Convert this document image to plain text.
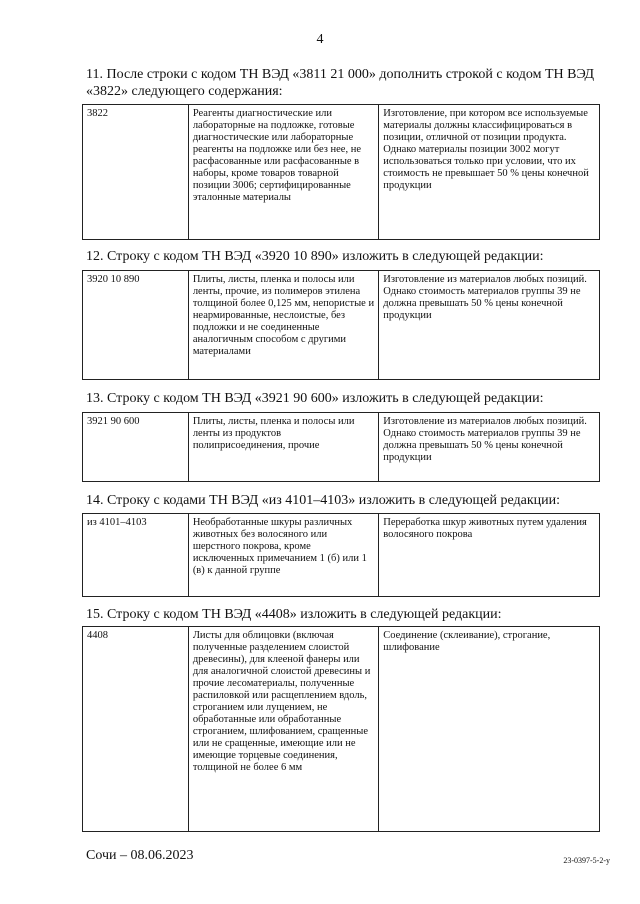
4
11. После строки с кодом ТН ВЭД «3811 21 000» дополнить строкой с кодом ТН ВЭД «3822» следующего содержания:
3822	Реагенты диагностические или лабораторные на подложке, готовые диагностические или лабораторные реагенты на подложке или без нее, не расфасованные или расфасованные в наборы, кроме товаров товарной позиции 3006; сертифицированные эталонные материалы	Изготовление, при котором все используемые материалы должны классифицироваться в позиции, отличной от позиции продукта. Однако материалы позиции 3002 могут использоваться только при условии, что их стоимость не превышает 50 % цены конечной продукции
12. Строку с кодом ТН ВЭД «3920 10 890» изложить в следующей редакции:
3920 10 890	Плиты, листы, пленка и полосы или ленты, прочие, из полимеров этилена толщиной более 0,125 мм, непористые и неармированные, неслоистые, без подложки и не соединенные аналогичным способом с другими материалами	Изготовление из материалов любых позиций. Однако стоимость материалов группы 39 не должна превышать 50 % цены конечной продукции
13. Строку с кодом ТН ВЭД «3921 90 600» изложить в следующей редакции:
3921 90 600	Плиты, листы, пленка и полосы или ленты из продуктов полиприсоединения, прочие	Изготовление из материалов любых позиций. Однако стоимость материалов группы 39 не должна превышать 50 % цены конечной продукции
14. Строку с кодами ТН ВЭД «из 4101–4103» изложить в следующей редакции:
из 4101–4103	Необработанные шкуры различных животных без волосяного или шерстного покрова, кроме исключенных примечанием 1 (б) или 1 (в) к данной группе	Переработка шкур животных путем удаления волосяного покрова
15. Строку с кодом ТН ВЭД «4408» изложить в следующей редакции:
4408	Листы для облицовки (включая полученные разделением слоистой древесины), для клееной фанеры или для аналогичной слоистой древесины и прочие лесоматериалы, полученные распиловкой или расщеплением вдоль, строганием или лущением, не обработанные или обработанные строганием, шлифованием, сращенные или не сращенные, имеющие или не имеющие торцевые соединения, толщиной не более 6 мм	Соединение (склеивание), строгание, шлифование
Сочи – 08.06.2023	23-0397-5-2-у
